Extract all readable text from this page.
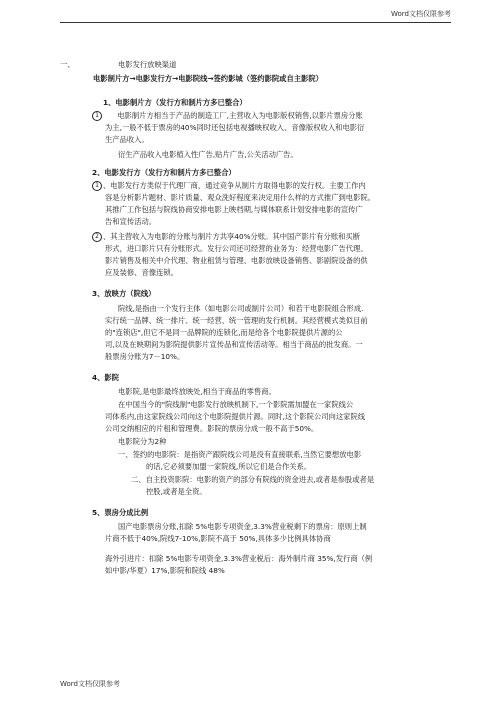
Word文档仅限参考
一、	电影发行放映渠道
电影制片方→电影发行方→电影院线→签约影城（签约影院或自主影院）
1、电影制片方（发行方和制片方多已整合）
1	电影制片方相当于产品的制造工厂,主营收入为电影版权销售,以影片票房分账
为主,一般不低于票房的40%同时还包括电视播映权收入、音像版权收入和电影衍
生产品收入。
衍生产品收入电影植入性广告,贴片广告,公关活动广告。
2、电影发行方（发行方和制片方多已整合）
1 、电影发行方类似于代理厂商，通过竞争从制片方取得电影的发行权。主要工作内
容是分析影片题材、影片质量、观众洗好程度来决定用什么样的方式推广到电影院。
其推广工作包括与院线协商安排电影上映档期,与媒体联系计划安排电影的宣传广
告和宣传活动。
2 、其主营收入为电影的分账与制片方共享40%分账。其中国产影片有分账和买断
形式，进口影片只有分账形式。发行公司还可经营的业务为：经营电影广告代理、
影片销售及相关中介代理、物业租赁与管理、电影放映设备销售、影剧院设备的供
应及装修、音像连锁。
3、放映方（院线）
院线,是指由一个发行主体（如电影公司或制片公司）和若干电影院组合形成.
实行统一品牌、统一排片、统一经营、统一管理的发行机制。其经营模式类似目前
的"连锁店",但它不是同一品牌院的连锁化,而是给各个电影院提供片源的公
司,以及在映期间为影院提供影片宣传品和宣传活动等。相当于商品的批发商。一
般票房分账为7－10%。
4、影院
电影院,是电影最终放映处,相当于商品的零售商。
在中国当今的"院线制"电影发行放映机制下,一个影院需加盟在一家院线公
司体系内,由这家院线公司向这个电影院提供片源。同时,这个影院公司向这家院线
公司交纳相应的片租和管理费。影院的票房分成一般不高于50%。
电影院分为2种
一、签约的电影院：是指资产跟院线公司是没有直接联系,当然它要想放电影
的话,它必须要加盟一家院线,所以它们是合作关系。
二、自主投资影院：电影的资产的部分有院线的资金进去,或者是参股或者是
控股,或者是全资。
5、票房分成比例
国产电影票房分账,扣除 5%电影专项资金,3.3%营业税剩下的票房：原则上制
片商不低于40%,院线7-10%,影院不高于 50%,具体多少比例具体协商
海外引进片：扣除 5%电影专项资金,3.3%营业税后：海外制片商 35%,发行商（例
如中影/华夏）17%,影院和院线 48%
Word文档仅限参考
